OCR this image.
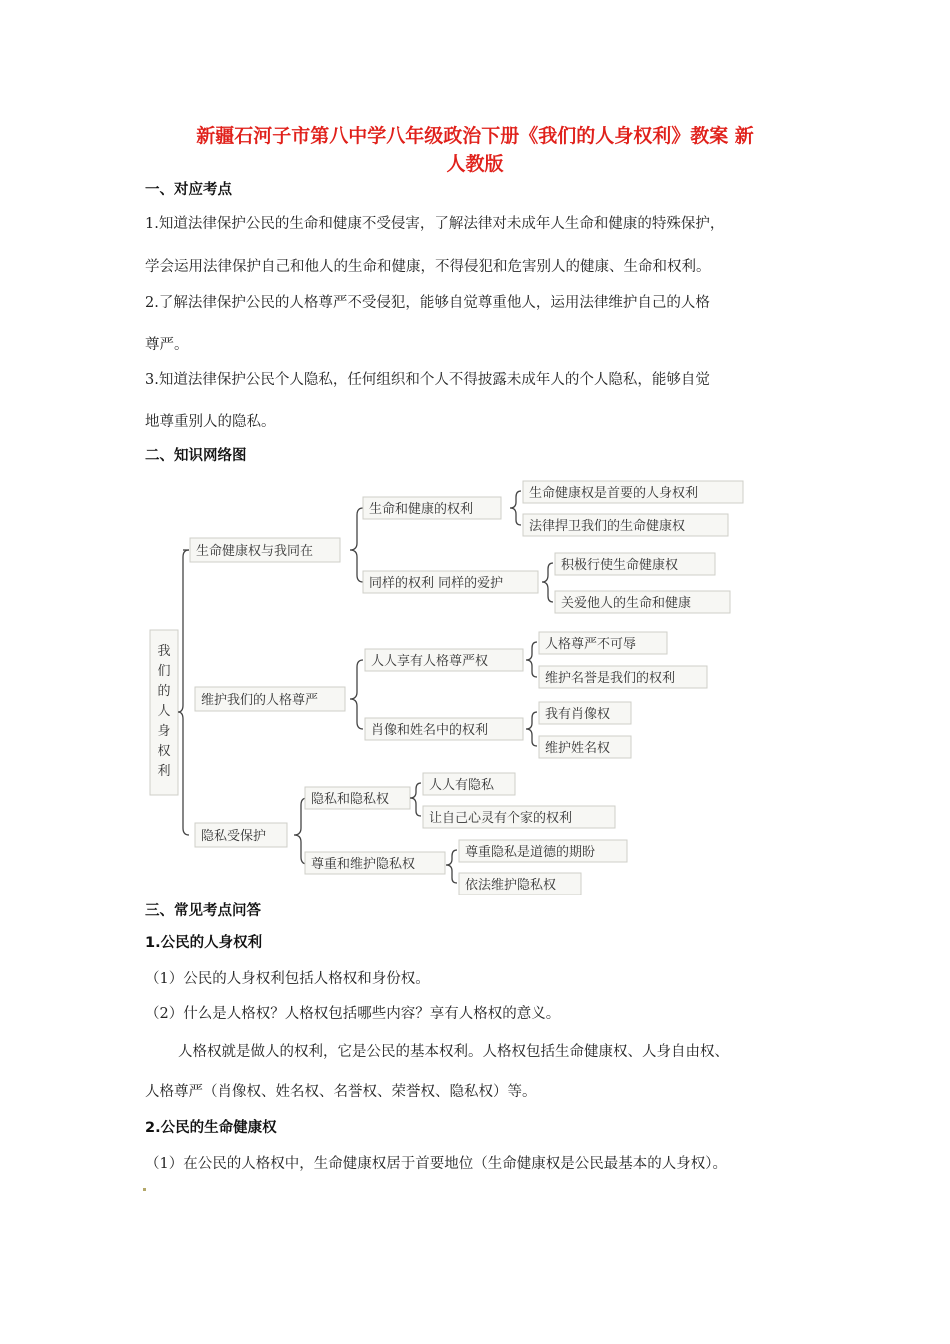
新疆石河子市第八中学八年级政治下册《我们的人身权利》教案 新
人教版
一、对应考点
1.知道法律保护公民的生命和健康不受侵害，了解法律对未成年人生命和健康的特殊保护，
学会运用法律保护自己和他人的生命和健康，不得侵犯和危害别人的健康、生命和权利。
2.了解法律保护公民的人格尊严不受侵犯，能够自觉尊重他人，运用法律维护自己的人格
尊严。
3.知道法律保护公民个人隐私，任何组织和个人不得披露未成年人的个人隐私，能够自觉
地尊重别人的隐私。
二、知识网络图
我
们
的
人
身
权
利
生命健康权与我同在
生命和健康的权利
同样的权利 同样的爱护
生命健康权是首要的人身权利
法律捍卫我们的生命健康权
积极行使生命健康权
关爱他人的生命和健康
维护我们的人格尊严
人人享有人格尊严权
肖像和姓名中的权利
人格尊严不可辱
维护名誉是我们的权利
我有肖像权
维护姓名权
隐私受保护
隐私和隐私权
尊重和维护隐私权
人人有隐私
让自己心灵有个家的权利
尊重隐私是道德的期盼
依法维护隐私权
三、常见考点问答
1.公民的人身权利
（1）公民的人身权利包括人格权和身份权。
（2）什么是人格权？人格权包括哪些内容？享有人格权的意义。
人格权就是做人的权利，它是公民的基本权利。人格权包括生命健康权、人身自由权、
人格尊严（肖像权、姓名权、名誉权、荣誉权、隐私权）等。
2.公民的生命健康权
（1）在公民的人格权中，生命健康权居于首要地位（生命健康权是公民最基本的人身权）。
